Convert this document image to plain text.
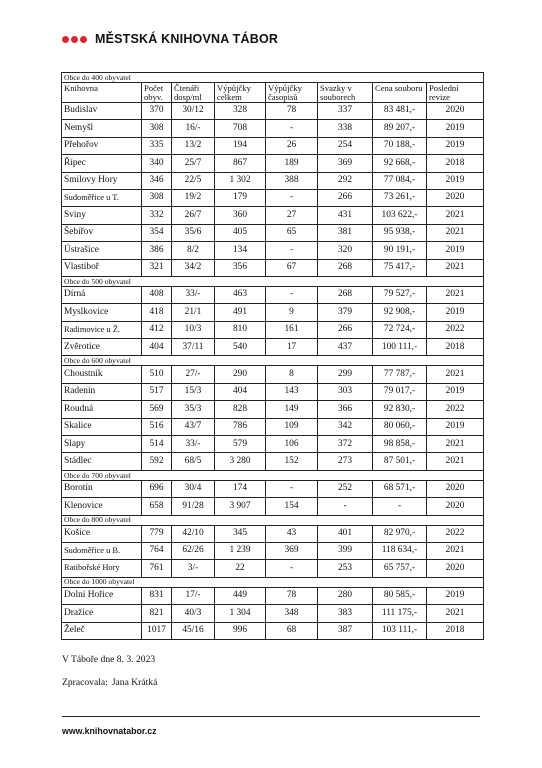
MĚSTSKÁ KNIHOVNA TÁBOR
Obce do 400 obyvatel							
Knihovna	Počet obyv.	Čtenáři dosp/ml	Výpůjčky celkem	Výpůjčky časopisů	Svazky v souborech	Cena souboru	Poslední revize
Budislav	370	30/12	328	78	337	83 481,-	2020
Nemyšl	308	16/-	708	-	338	89 207,-	2019
Přehořov	335	13/2	194	26	254	70 188,-	2019
Řípec	340	25/7	867	189	369	92 668,-	2018
Smilovy Hory	346	22/5	1 302	388	292	77 084,-	2019
Sudoměřice u T.	308	19/2	179	-	266	73 261,-	2020
Sviny	332	26/7	360	27	431	103 622,-	2021
Šebířov	354	35/6	405	65	381	95 938,-	2021
Ústrašice	386	8/2	134	-	320	90 191,-	2019
Vlastiboř	321	34/2	356	67	268	75 417,-	2021
Obce do 500 obyvatel							
Dírná	408	33/-	463	-	268	79 527,-	2021
Myslkovice	418	21/1	491	9	379	92 908,-	2019
Radimovice u Ž.	412	10/3	810	161	266	72 724,-	2022
Zvěrotice	404	37/11	540	17	437	100 111,-	2018
Obce do 600 obyvatel							
Choustník	510	27/-	290	8	299	77 787,-	2021
Radenín	517	15/3	404	143	303	79 017,-	2019
Roudná	569	35/3	828	149	366	92 830,-	2022
Skalice	516	43/7	786	109	342	80 060,-	2019
Slapy	514	33/-	579	106	372	98 858,-	2021
Stádlec	592	68/5	3 280	152	273	87 501,-	2021
Obce do 700 obyvatel							
Borotín	696	30/4	174	-	252	68 571,-	2020
Klenovice	658	91/28	3 907	154	-	-	2020
Obce do 800 obyvatel							
Košice	779	42/10	345	43	401	82 970,-	2022
Sudoměřice u B.	764	62/26	1 239	369	399	118 634,-	2021
Ratibořské Hory	761	3/-	22	-	253	65 757,-	2020
Obce do 1000 obyvatel							
Dolní Hořice	831	17/-	449	78	280	80 585,-	2019
Dražice	821	40/3	1 304	348	383	111 175,-	2021
Želeč	1017	45/16	996	68	387	103 111,-	2018
V Táboře dne 8. 3. 2023
Zpracovala: Jana Krátká
www.knihovnatabor.cz
